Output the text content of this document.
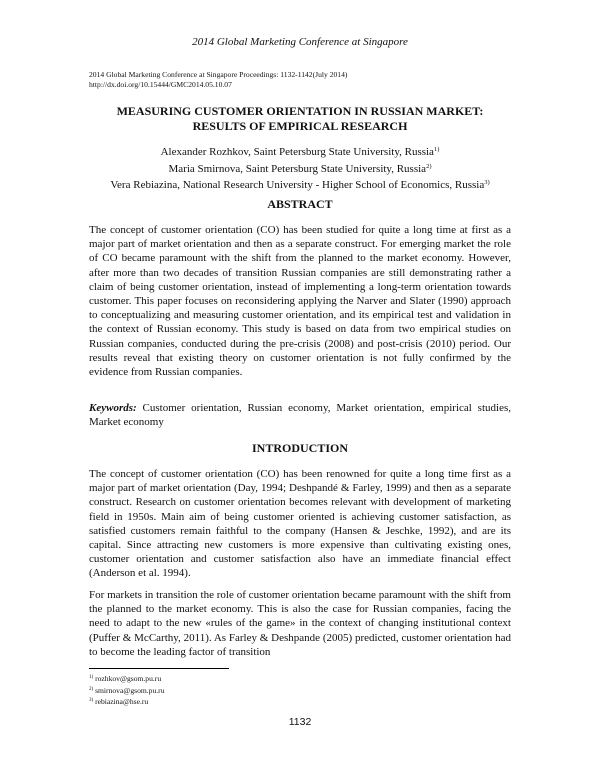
2014 Global Marketing Conference at Singapore
2014 Global Marketing Conference at Singapore Proceedings: 1132-1142(July 2014)
http://dx.doi.org/10.15444/GMC2014.05.10.07
MEASURING CUSTOMER ORIENTATION IN RUSSIAN MARKET:
RESULTS OF EMPIRICAL RESEARCH
Alexander Rozhkov, Saint Petersburg State University, Russia$^{1)}$
Maria Smirnova, Saint Petersburg State University, Russia$^{2)}$
Vera Rebiazina, National Research University - Higher School of Economics, Russia$^{3)}$
ABSTRACT
The concept of customer orientation (CO) has been studied for quite a long time at first as a major part of market orientation and then as a separate construct. For emerging market the role of CO became paramount with the shift from the planned to the market economy. However, after more than two decades of transition Russian companies are still demonstrating rather a claim of being customer orientation, instead of implementing a long-term orientation towards customer. This paper focuses on reconsidering applying the Narver and Slater (1990) approach to conceptualizing and measuring customer orientation, and its empirical test and validation in the context of Russian economy. This study is based on data from two empirical studies on Russian companies, conducted during the pre-crisis (2008) and post-crisis (2010) period. Our results reveal that existing theory on customer orientation is not fully confirmed by the evidence from Russian companies.
Keywords: Customer orientation, Russian economy, Market orientation, empirical studies, Market economy
INTRODUCTION
The concept of customer orientation (CO) has been renowned for quite a long time first as a major part of market orientation (Day, 1994; Deshpandé & Farley, 1999) and then as a separate construct. Research on customer orientation becomes relevant with development of marketing field in 1950s. Main aim of being customer oriented is achieving customer satisfaction, as satisfied customers remain faithful to the company (Hansen & Jeschke, 1992), and are its capital. Since attracting new customers is more expensive than cultivating existing ones, customer orientation and customer satisfaction also have an immediate financial effect (Anderson et al. 1994).
For markets in transition the role of customer orientation became paramount with the shift from the planned to the market economy. This is also the case for Russian companies, facing the need to adapt to the new «rules of the game» in the context of changing institutional context (Puffer & McCarthy, 2011). As Farley & Deshpande (2005) predicted, customer orientation had to become the leading factor of transition
$^{1)}$ rozhkov@gsom.pu.ru
$^{2)}$ smirnova@gsom.pu.ru
$^{3)}$ rebiazina@hse.ru
1132
